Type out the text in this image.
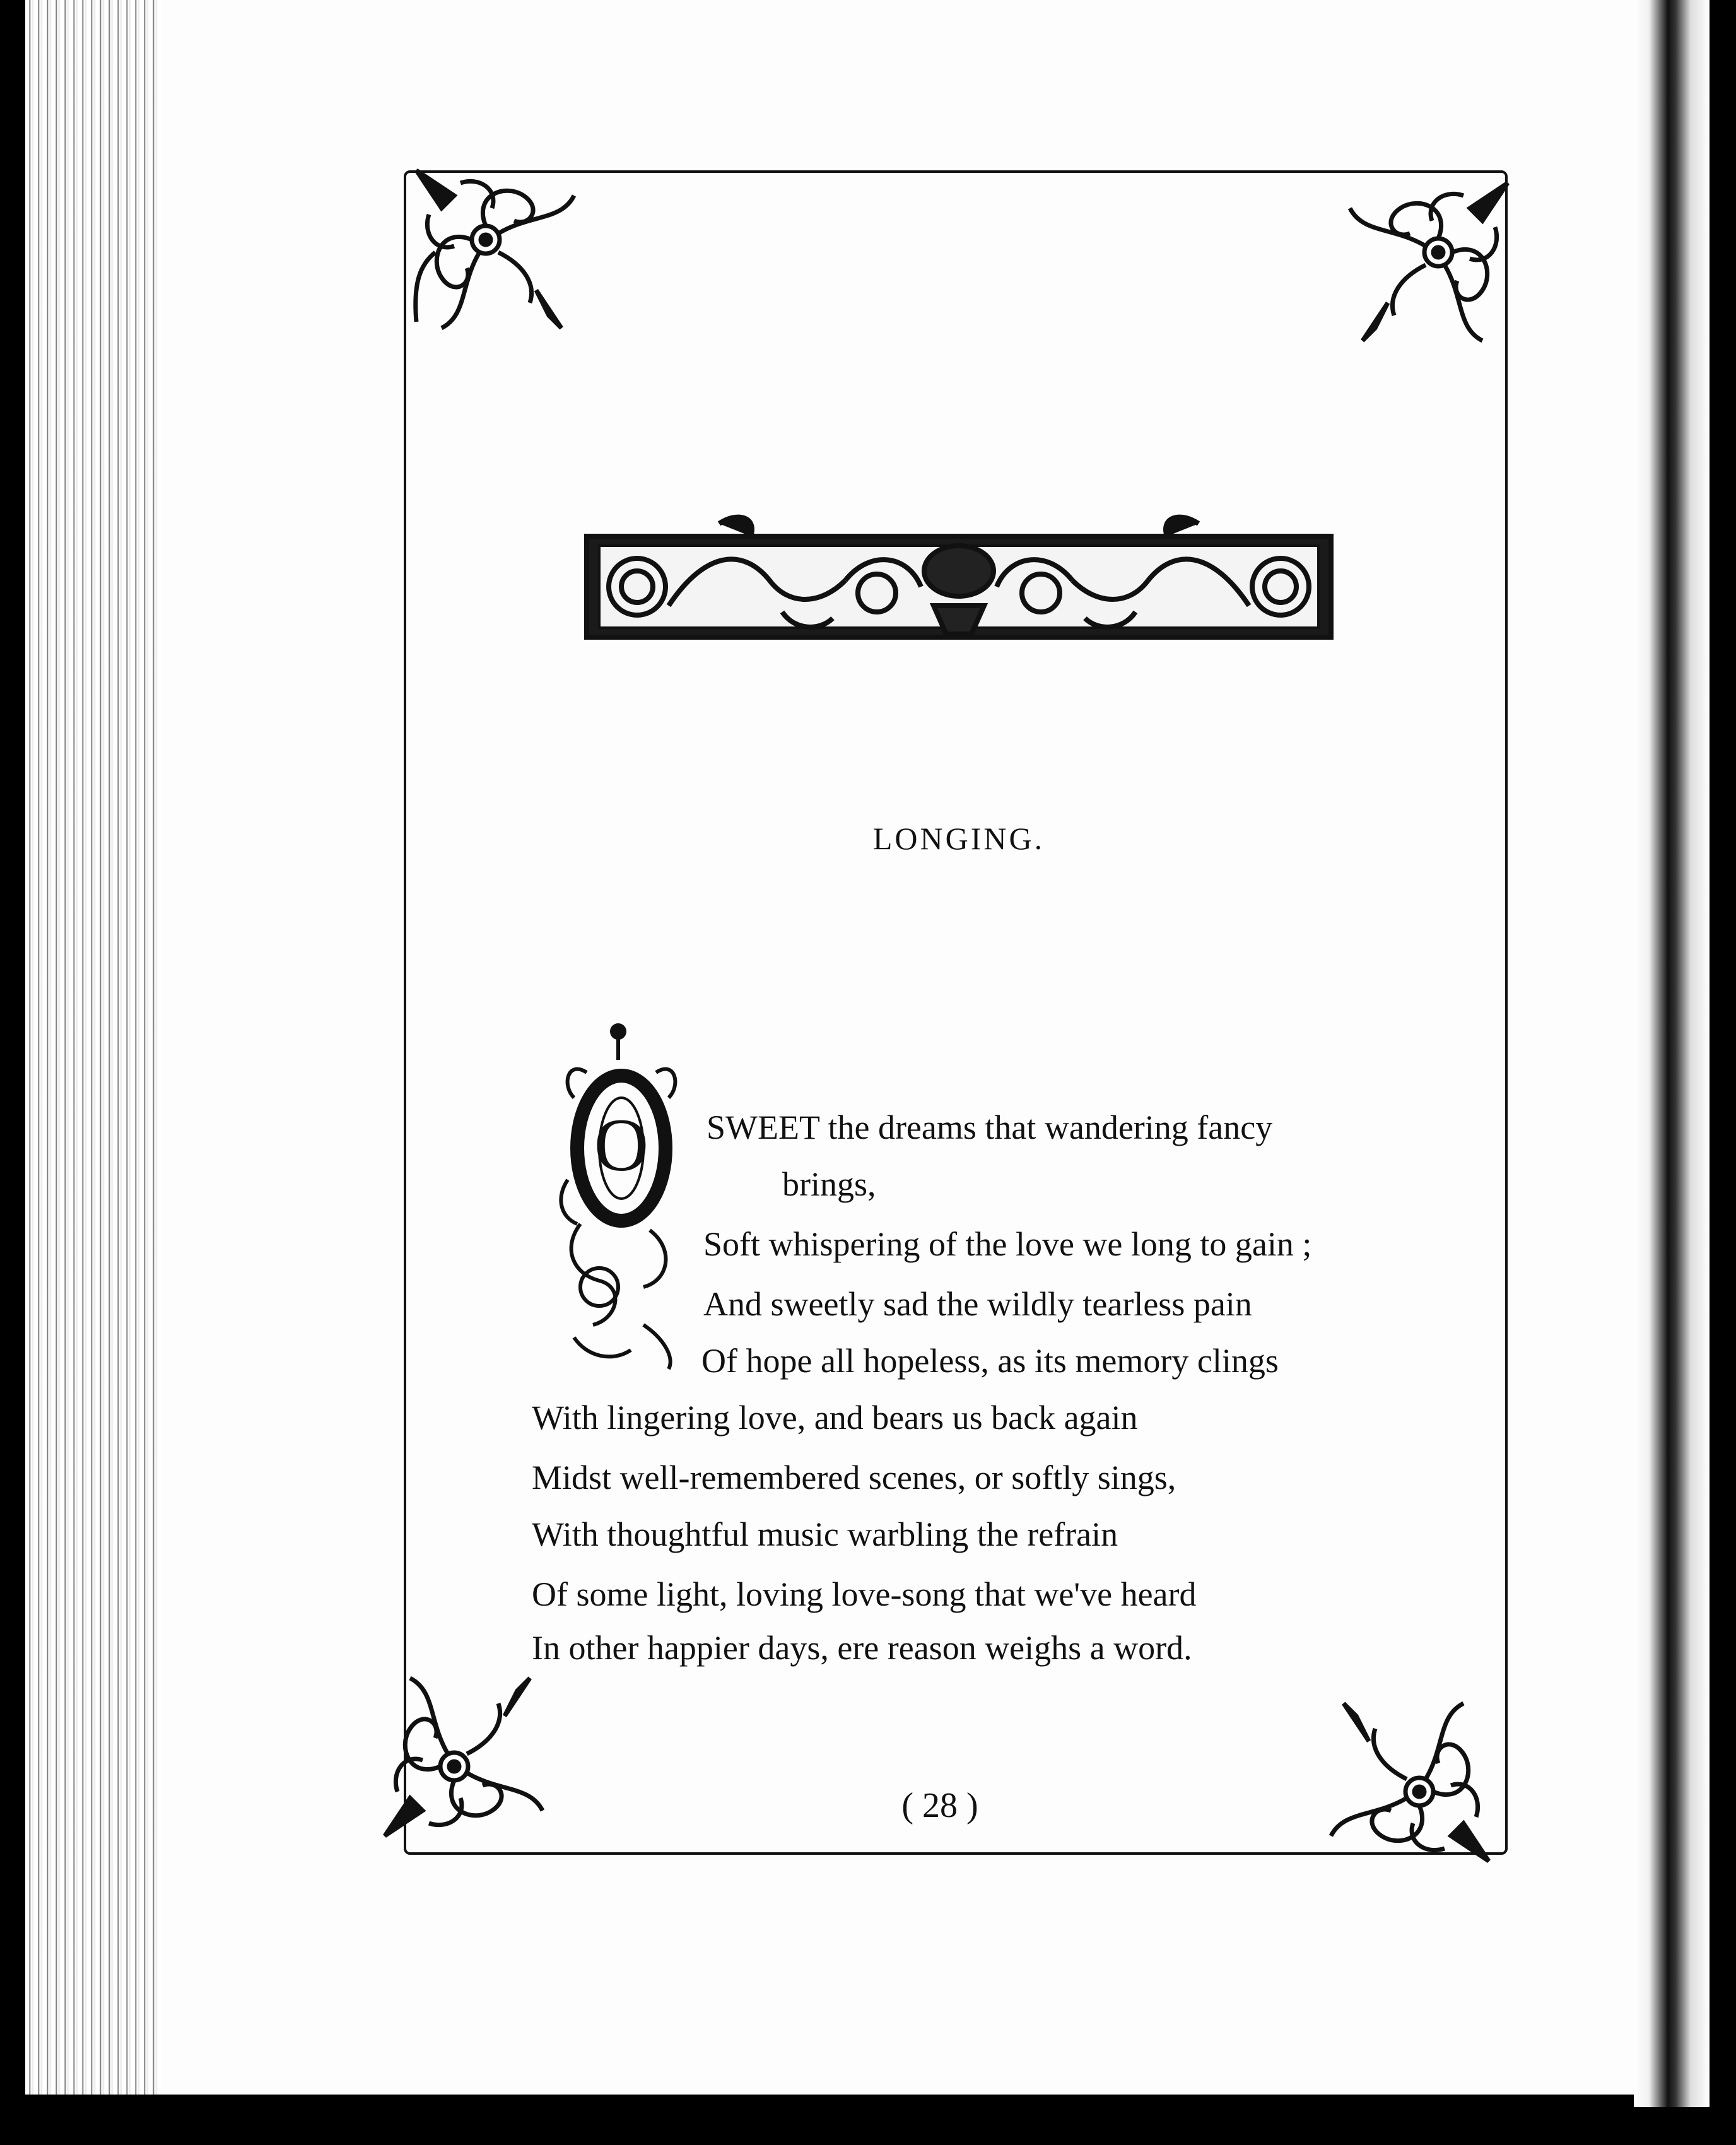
LONGING.
O SWEET the dreams that wandering fancy
brings,
Soft whispering of the love we long to gain ;
And sweetly sad the wildly tearless pain
Of hope all hopeless, as its memory clings
With lingering love, and bears us back again
Midst well-remembered scenes, or softly sings,
With thoughtful music warbling the refrain
Of some light, loving love-song that we've heard
In other happier days, ere reason weighs a word.
( 28 )
